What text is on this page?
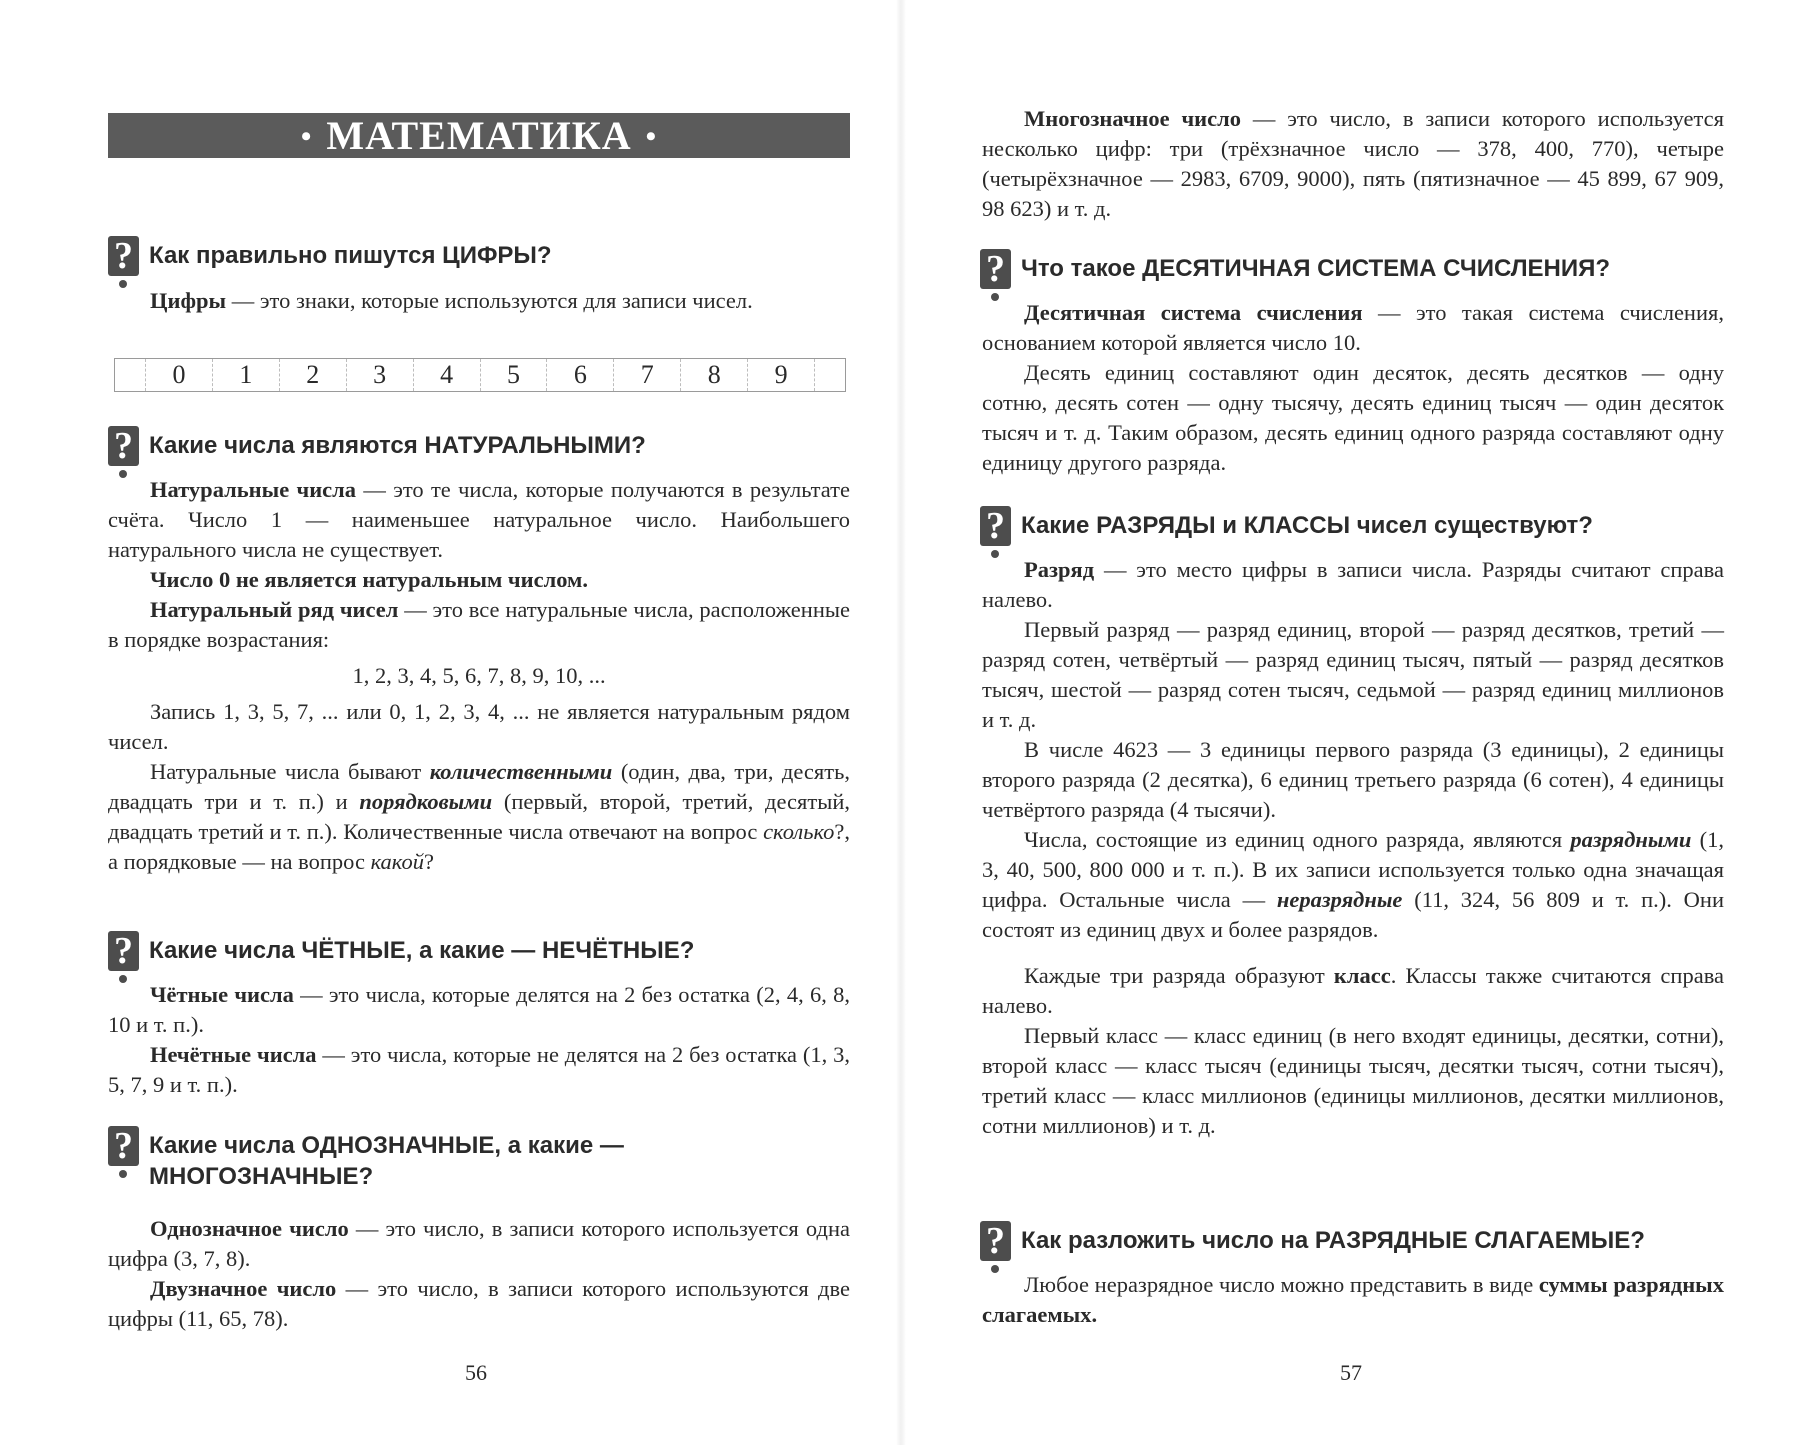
• МАТЕМАТИКА •
? Как правильно пишутся ЦИФРЫ?

Цифры — это знаки, которые используются для записи чисел.

0	1	2	3	4	5	6	7	8	9
? Какие числа являются НАТУРАЛЬНЫМИ?

Натуральные числа — это те числа, которые получаются в результате счёта. Число 1 — наименьшее натуральное число. Наибольшего натурального числа не существует.

Число 0 не является натуральным числом.

Натуральный ряд чисел — это все натуральные числа, расположенные в порядке возрастания:

1, 2, 3, 4, 5, 6, 7, 8, 9, 10, ...

Запись 1, 3, 5, 7, ... или 0, 1, 2, 3, 4, ... не является натуральным рядом чисел.

Натуральные числа бывают количественными (один, два, три, десять, двадцать три и т. п.) и порядковыми (первый, второй, третий, десятый, двадцать третий и т. п.). Количественные числа отвечают на вопрос сколько?, а порядковые — на вопрос какой?

? Какие числа ЧЁТНЫЕ, а какие — НЕЧЁТНЫЕ?

Чётные числа — это числа, которые делятся на 2 без остатка (2, 4, 6, 8, 10 и т. п.).

Нечётные числа — это числа, которые не делятся на 2 без остатка (1, 3, 5, 7, 9 и т. п.).

? Какие числа ОДНОЗНАЧНЫЕ, а какие —
МНОГОЗНАЧНЫЕ?

Однозначное число — это число, в записи которого используется одна цифра (3, 7, 8).

Двузначное число — это число, в записи которого используются две цифры (11, 65, 78).

56

Многозначное число — это число, в записи которого используется несколько цифр: три (трёхзначное число — 378, 400, 770), четыре (четырёхзначное — 2983, 6709, 9000), пять (пятизначное — 45 899, 67 909, 98 623) и т. д.

? Что такое ДЕСЯТИЧНАЯ СИСТЕМА СЧИСЛЕНИЯ?

Десятичная система счисления — это такая система счисления, основанием которой является число 10.

Десять единиц составляют один десяток, десять десятков — одну сотню, десять сотен — одну тысячу, десять единиц тысяч — один десяток тысяч и т. д. Таким образом, десять единиц одного разряда составляют одну единицу другого разряда.

? Какие РАЗРЯДЫ и КЛАССЫ чисел существуют?

Разряд — это место цифры в записи числа. Разряды считают справа налево.

Первый разряд — разряд единиц, второй — разряд десятков, третий — разряд сотен, четвёртый — разряд единиц тысяч, пятый — разряд десятков тысяч, шестой — разряд сотен тысяч, седьмой — разряд единиц миллионов и т. д.

В числе 4623 — 3 единицы первого разряда (3 единицы), 2 единицы второго разряда (2 десятка), 6 единиц третьего разряда (6 сотен), 4 единицы четвёртого разряда (4 тысячи).

Числа, состоящие из единиц одного разряда, являются разрядными (1, 3, 40, 500, 800 000 и т. п.). В их записи используется только одна значащая цифра. Остальные числа — неразрядные (11, 324, 56 809 и т. п.). Они состоят из единиц двух и более разрядов.

Каждые три разряда образуют класс. Классы также считаются справа налево.

Первый класс — класс единиц (в него входят единицы, десятки, сотни), второй класс — класс тысяч (единицы тысяч, десятки тысяч, сотни тысяч), третий класс — класс миллионов (единицы миллионов, десятки миллионов, сотни миллионов) и т. д.

? Как разложить число на РАЗРЯДНЫЕ СЛАГАЕМЫЕ?

Любое неразрядное число можно представить в виде суммы разрядных слагаемых.

57
